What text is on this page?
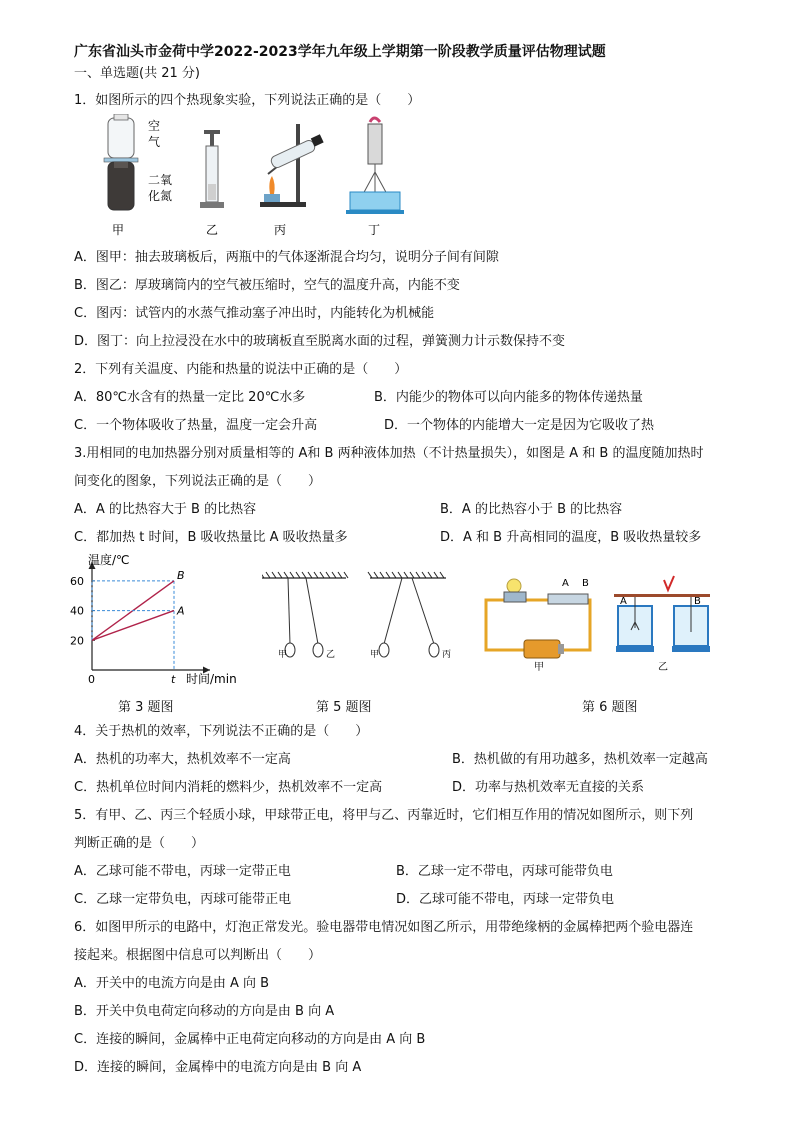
广东省汕头市金荷中学2022-2023学年九年级上学期第一阶段教学质量评估物理试题
一、单选题(共 21 分)
1．如图所示的四个热现象实验，下列说法正确的是（　　）
空
气
二氧
化氮
甲	乙	丙	丁
A．图甲：抽去玻璃板后，两瓶中的气体逐渐混合均匀，说明分子间有间隙
B．图乙：厚玻璃筒内的空气被压缩时，空气的温度升高，内能不变
C．图丙：试管内的水蒸气推动塞子冲出时，内能转化为机械能
D．图丁：向上拉浸没在水中的玻璃板直至脱离水面的过程，弹簧测力计示数保持不变
2．下列有关温度、内能和热量的说法中正确的是（　　）
A．80℃水含有的热量一定比 20℃水多	B．内能少的物体可以向内能多的物体传递热量
C．一个物体吸收了热量，温度一定会升高	D．一个物体的内能增大一定是因为它吸收了热
3.用相同的电加热器分别对质量相等的 A和 B 两种液体加热（不计热量损失），如图是 A 和 B 的温度随加热时
间变化的图象，下列说法正确的是（　　）
A．A 的比热容大于 B 的比热容	B．A 的比热容小于 B 的比热容
C．都加热 t 时间，B 吸收热量比 A 吸收热量多	D．A 和 B 升高相同的温度，B 吸收热量较多
温度/℃
时间/min
20
40
60
0	t
B
A
甲	乙	甲	丙
A B
甲
A	B
乙
第 3 题图	第 5 题图	第 6 题图
4．关于热机的效率，下列说法不正确的是（　　）
A．热机的功率大，热机效率不一定高	B．热机做的有用功越多，热机效率一定越高
C．热机单位时间内消耗的燃料少，热机效率不一定高	D．功率与热机效率无直接的关系
5．有甲、乙、丙三个轻质小球，甲球带正电，将甲与乙、丙靠近时，它们相互作用的情况如图所示，则下列
判断正确的是（　　）
A．乙球可能不带电，丙球一定带正电	B．乙球一定不带电，丙球可能带负电
C．乙球一定带负电，丙球可能带正电	D．乙球可能不带电，丙球一定带负电
6．如图甲所示的电路中，灯泡正常发光。验电器带电情况如图乙所示，用带绝缘柄的金属棒把两个验电器连
接起来。根据图中信息可以判断出（　　）
A．开关中的电流方向是由 A 向 B
B．开关中负电荷定向移动的方向是由 B 向 A
C．连接的瞬间，金属棒中正电荷定向移动的方向是由 A 向 B
D．连接的瞬间，金属棒中的电流方向是由 B 向 A
